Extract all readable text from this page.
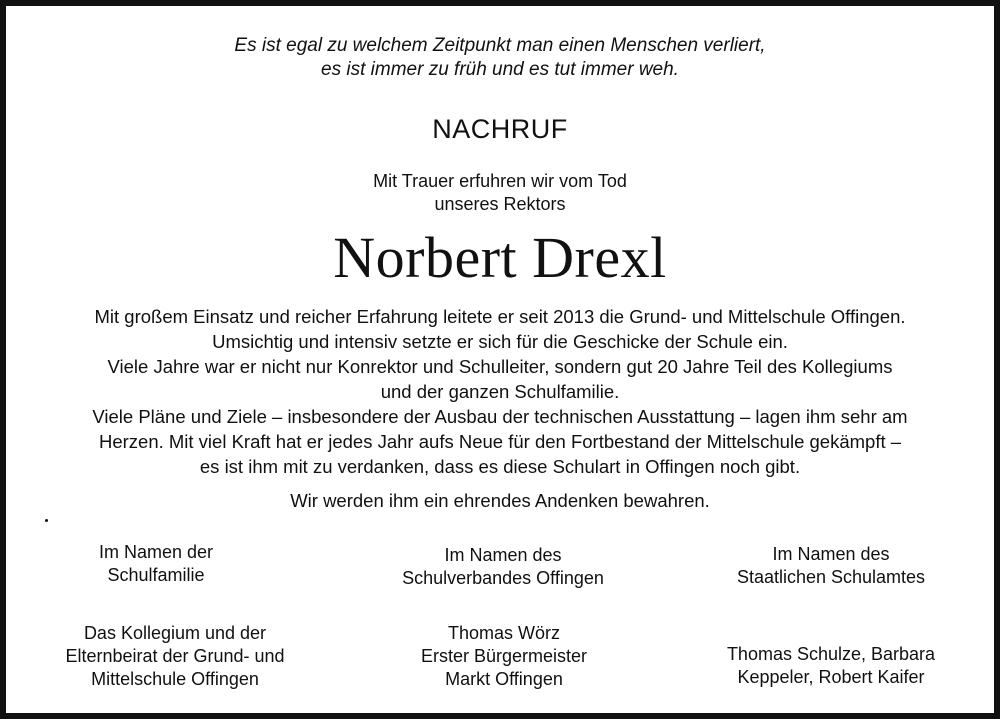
Es ist egal zu welchem Zeitpunkt man einen Menschen verliert,
es ist immer zu früh und es tut immer weh.
NACHRUF
Mit Trauer erfuhren wir vom Tod
unseres Rektors
Norbert Drexl
Mit großem Einsatz und reicher Erfahrung leitete er seit 2013 die Grund- und Mittelschule Offingen.
Umsichtig und intensiv setzte er sich für die Geschicke der Schule ein.
Viele Jahre war er nicht nur Konrektor und Schulleiter, sondern gut 20 Jahre Teil des Kollegiums
und der ganzen Schulfamilie.
Viele Pläne und Ziele – insbesondere der Ausbau der technischen Ausstattung – lagen ihm sehr am
Herzen. Mit viel Kraft hat er jedes Jahr aufs Neue für den Fortbestand der Mittelschule gekämpft –
es ist ihm mit zu verdanken, dass es diese Schulart in Offingen noch gibt.
Wir werden ihm ein ehrendes Andenken bewahren.
Im Namen der
Schulfamilie
Im Namen des
Schulverbandes Offingen
Im Namen des
Staatlichen Schulamtes
Das Kollegium und der
Elternbeirat der Grund- und
Mittelschule Offingen
Thomas Wörz
Erster Bürgermeister
Markt Offingen
Thomas Schulze, Barbara
Keppeler, Robert Kaifer
